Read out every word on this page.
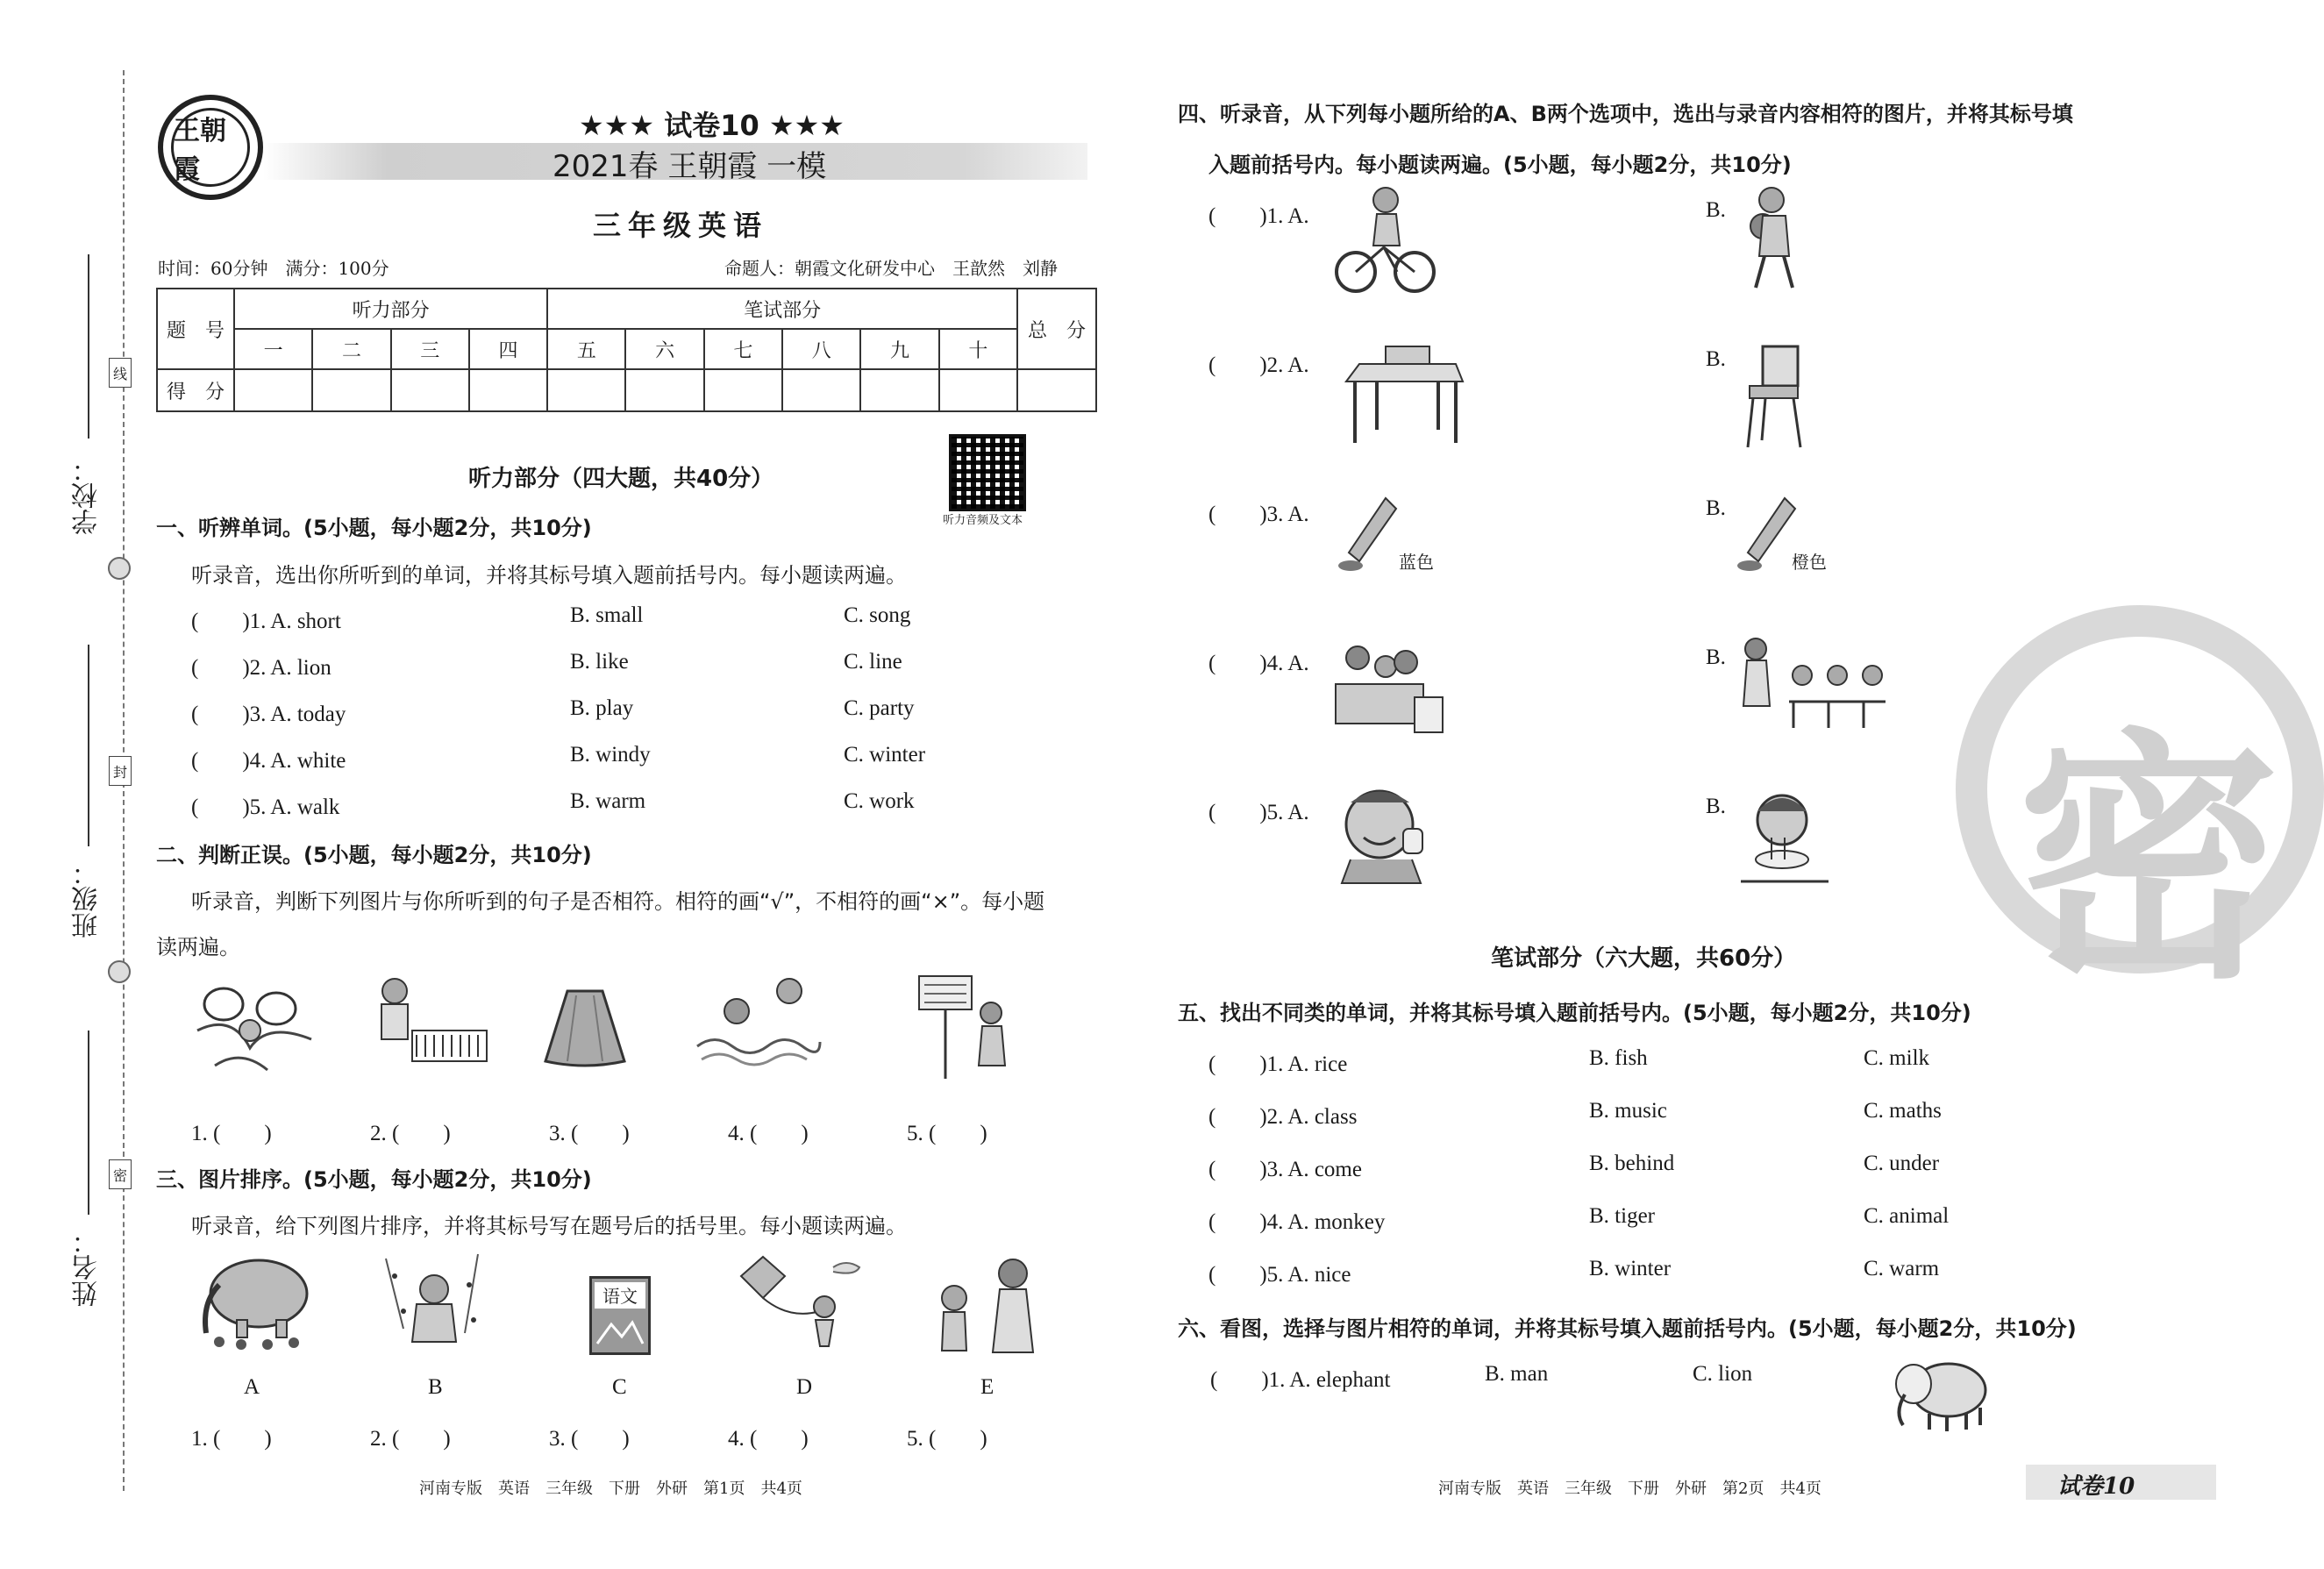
学校：
班级：
姓名：
线
封
密
王朝霞
★★★ 试卷10 ★★★
2021春 王朝霞 一模
三年级英语
时间：60分钟　满分：100分	命题人：朝霞文化研发中心　王歆然　刘静
题　号	听力部分				笔试部分						总　分
	一	二	三	四	五	六	七	八	九	十	
得　分											
听力部分（四大题，共40分）
听力音频及文本
一、听辨单词。(5小题，每小题2分，共10分)
听录音，选出你所听到的单词，并将其标号填入题前括号内。每小题读两遍。
(　　)1. A. short	B. small	C. song
(　　)2. A. lion	B. like	C. line
(　　)3. A. today	B. play	C. party
(　　)4. A. white	B. windy	C. winter
(　　)5. A. walk	B. warm	C. work
二、判断正误。(5小题，每小题2分，共10分)
听录音，判断下列图片与你所听到的句子是否相符。相符的画“√”，不相符的画“×”。每小题
读两遍。
1. (　　)	2. (　　)	3. (　　)	4. (　　)	5. (　　)
三、图片排序。(5小题，每小题2分，共10分)
听录音，给下列图片排序，并将其标号写在题号后的括号里。每小题读两遍。
语文
A	B	C	D	E
1. (　　)	2. (　　)	3. (　　)	4. (　　)	5. (　　)
河南专版　英语　三年级　下册　外研　第1页　共4页
密
四、听录音，从下列每小题所给的A、B两个选项中，选出与录音内容相符的图片，并将其标号填
入题前括号内。每小题读两遍。(5小题，每小题2分，共10分)
(　　)1. A.	B.
(　　)2. A.	B.
(　　)3. A.	B.
(　　)4. A.	B.
(　　)5. A.	B.
蓝色	橙色
笔试部分（六大题，共60分）
五、找出不同类的单词，并将其标号填入题前括号内。(5小题，每小题2分，共10分)
(　　)1. A. rice	B. fish	C. milk
(　　)2. A. class	B. music	C. maths
(　　)3. A. come	B. behind	C. under
(　　)4. A. monkey	B. tiger	C. animal
(　　)5. A. nice	B. winter	C. warm
六、看图，选择与图片相符的单词，并将其标号填入题前括号内。(5小题，每小题2分，共10分)
(　　)1. A. elephant	B. man	C. lion
河南专版　英语　三年级　下册　外研　第2页　共4页	试卷10
